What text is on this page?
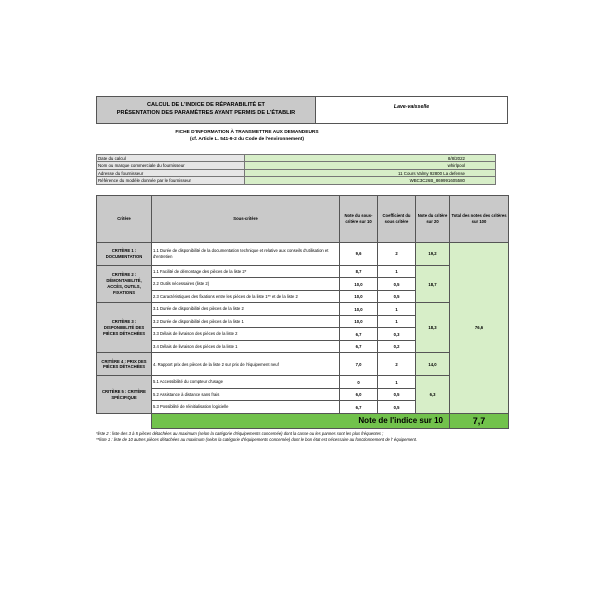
CALCUL DE L'INDICE DE RÉPARABILITÉ ET
PRÉSENTATION DES PARAMÈTRES AYANT PERMIS DE L'ÉTABLIR
Lave-vaisselle
FICHE D'INFORMATION À TRANSMETTRE AUX DEMANDEURS
(cf. Article L. 541-9-2 du Code de l'environnement)
Date du calcul	8/8/2022
Nom ou marque commerciale du fournisseur	whirlpool
Adresse du fournisseur	11 Cours Valmy 92800 La defense
Référence du modèle donnée par le fournisseur	WBC3C26B_869991605580
Critère	Sous-critère	Note du sous-critère sur 10	Coefficient du sous critère	Note du critère sur 20	Total des notes des critères sur 100
CRITÈRE 1 : DOCUMENTATION	1.1 Durée de disponibilité de la documentation technique et relative aux conseils d'utilisation et d'entretien	9,6	2	19,2	76,6
CRITÈRE 2 : DÉMONTABILITÉ, ACCÈS, OUTILS, FIXATIONS	1.1 Facilité de démontage des pièces de la liste 2*	8,7	1	18,7	
	2.2 Outils nécessaires (liste 2)	10,0	0,5		
	2.3 Caractéristiques des fixations entre les pièces de la liste 1** et de la liste 2	10,0	0,5		
CRITÈRE 3 : DISPONIBILITÉ DES PIÈCES DÉTACHÉES	3.1 Durée de disponibilité des pièces de la liste 2	10,0	1	18,3	
	3.2 Durée de disponibilité des pièces de la liste 1	10,0	1		
	3.3 Délais de livraison des pièces de la liste 2	6,7	0,3		
	3.4 Délais de livraison des pièces de la liste 1	6,7	0,2		
CRITÈRE 4 : PRIX DES PIÈCES DÉTACHÉES	4. Rapport prix des pièces de la liste 2 sur prix de l'équipement neuf	7,0	2	14,0	
CRITÈRE 5 : CRITÈRE SPÉCIFIQUE	5.1 Accessibilité du compteur d'usage	0	1	6,3	
	5.2 Assistance à distance sans frais	6,0	0,5		
	5.3 Possibilité de réinitialisation logicielle	6,7	0,5		
	Note de l'indice sur 10				7,7
*liste 2 : liste des 3 à 5 pièces détachées au maximum (selon la catégorie d'équipements concernée) dont la casse ou les pannes sont les plus fréquentes ;
**liste 1 : liste de 10 autres pièces détachées au maximum (selon la catégorie d'équipements concernée) dont le bon état est nécessaire au fonctionnement de l' équipement.
